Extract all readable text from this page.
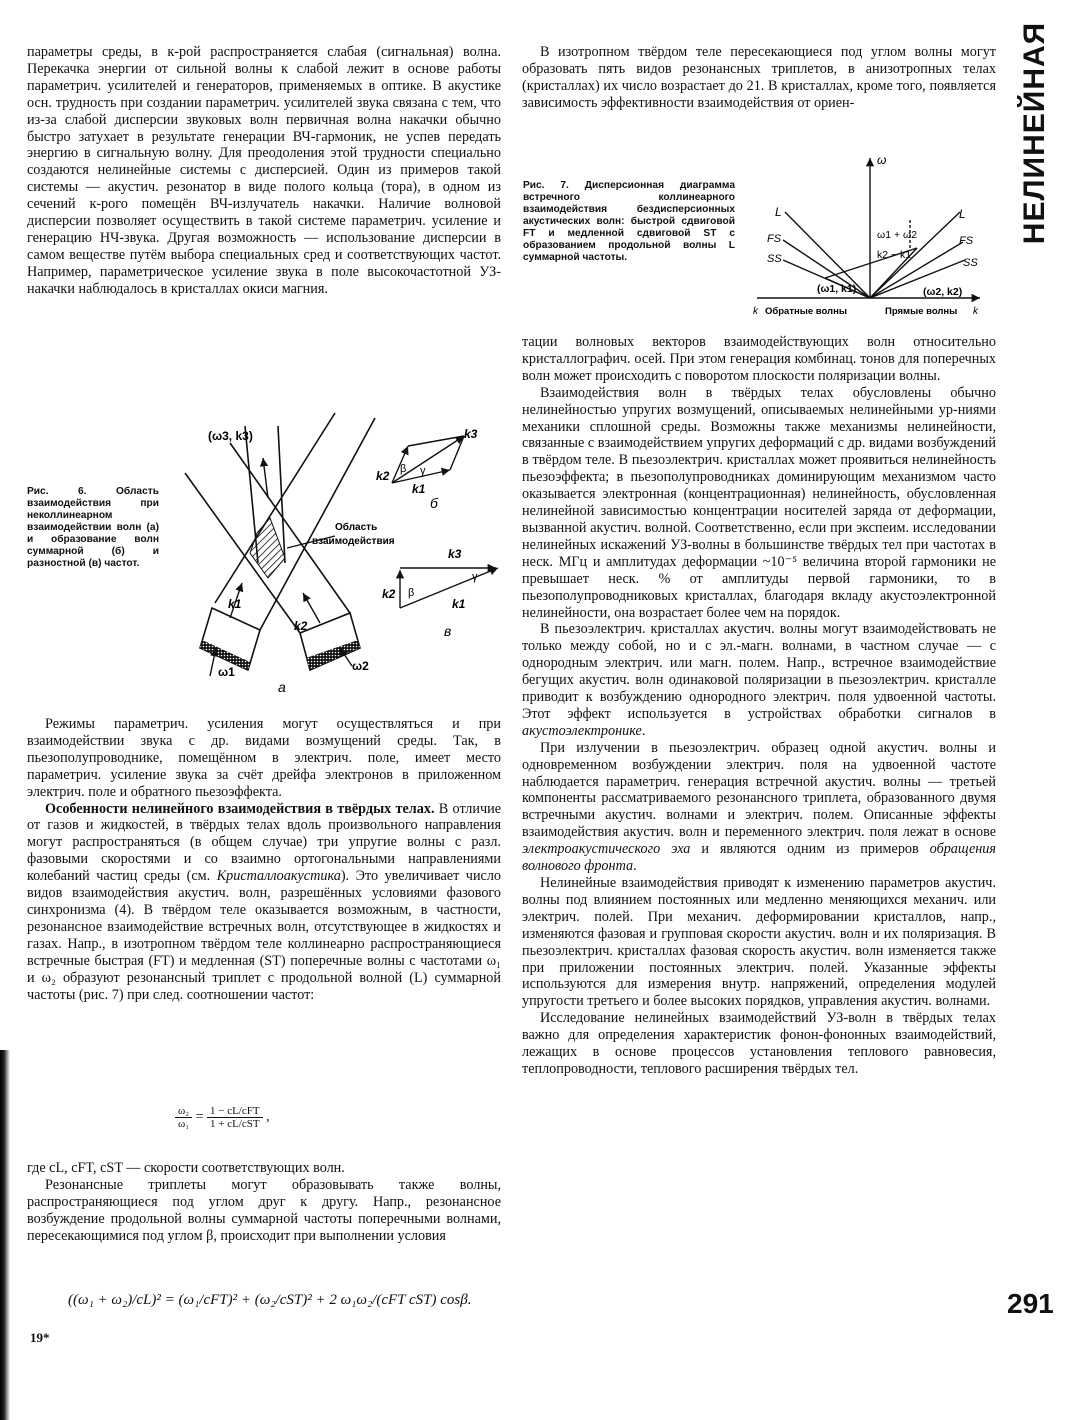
НЕЛИНЕЙНАЯ

параметры среды, в к-рой распространяется слабая (сигнальная) волна. Перекачка энергии от сильной волны к слабой лежит в основе работы параметрич. усилителей и генераторов, применяемых в оптике. В акустике осн. трудность при создании параметрич. усилителей звука связана с тем, что из-за слабой дисперсии звуковых волн первичная волна накачки обычно быстро затухает в результате генерации ВЧ-гармоник, не успев передать энергию в сигнальную волну. Для преодоления этой трудности специально создаются нелинейные системы с дисперсией. Один из примеров такой системы — акустич. резонатор в виде полого кольца (тора), в одном из сечений к-рого помещён ВЧ-излучатель накачки. Наличие волновой дисперсии позволяет осуществить в такой системе параметрич. усиление и генерацию НЧ-звука. Другая возможность — использование дисперсии в самом веществе путём выбора специальных сред и соответствующих частот. Например, параметрическое усиление звука в поле высокочастотной УЗ-накачки наблюдалось в кристаллах окиси магния.

Рис. 6. Область взаимодействия при неколлинеарном взаимодействии волн (а) и образование волн суммарной (б) и разностной (в) частот.
(ω3, k3)
Область
взаимодействия
k1
k2
ω1	ω2
а
k3
k2
k1
β γ
б
k3
k2
k1
β
γ
в

Режимы параметрич. усиления могут осуществляться и при взаимодействии звука с др. видами возмущений среды. Так, в пьезополупроводнике, помещённом в электрич. поле, имеет место параметрич. усиление звука за счёт дрейфа электронов в приложенном электрич. поле и обратного пьезоэффекта.

Особенности нелинейного взаимодействия в твёрдых телах. В отличие от газов и жидкостей, в твёрдых телах вдоль произвольного направления могут распространяться (в общем случае) три упругие волны с разл. фазовыми скоростями и со взаимно ортогональными направлениями колебаний частиц среды (см. Кристаллоакустика). Это увеличивает число видов взаимодействия акустич. волн, разрешённых условиями фазового синхронизма (4). В твёрдом теле оказывается возможным, в частности, резонансное взаимодействие встречных волн, отсутствующее в жидкостях и газах. Напр., в изотропном твёрдом теле коллинеарно распространяющиеся встречные быстрая (FT) и медленная (ST) поперечные волны с частотами ω₁ и ω₂ образуют резонансный триплет с продольной волной (L) суммарной частоты (рис. 7) при след. соотношении частот:

$\frac{\text{ω₂}}{\text{ω₁}} = \frac{\text{1 − cL/cFT}}{\text{1 + cL/cST}}$ ,

где cL, cFT, cST — скорости соответствующих волн.

Резонансные триплеты могут образовывать также волны, распространяющиеся под углом друг к другу. Напр., резонансное возбуждение продольной волны суммарной частоты поперечными волнами, пересекающимися под углом β, происходит при выполнении условия

((ω₁ + ω₂)/cL)² = (ω₁/cFT)² + (ω₂/cST)² + 2 ω₁ω₂/(cFT cST) cosβ.
19*

В изотропном твёрдом теле пересекающиеся под углом волны могут образовать пять видов резонансных триплетов, в анизотропных телах (кристаллах) их число возрастает до 21. В кристаллах, кроме того, появляется зависимость эффективности взаимодействия от ориен-

Рис. 7. Дисперсионная диаграмма встречного коллинеарного взаимодействия бездисперсионных акустических волн: быстрой сдвиговой FT и медленной сдвиговой ST с образованием продольной волны L суммарной частоты.
ω
L	L
FS	FS
SS	SS
ω1 + ω2
k2 − k1
(ω1, k1)	(ω2, k2)
k Обратные волны	Прямые волны k

тации волновых векторов взаимодействующих волн относительно кристаллографич. осей. При этом генерация комбинац. тонов для поперечных волн может происходить с поворотом плоскости поляризации волны.

Взаимодействия волн в твёрдых телах обусловлены обычно нелинейностью упругих возмущений, описываемых нелинейными ур-ниями механики сплошной среды. Возможны также механизмы нелинейности, связанные с взаимодействием упругих деформаций с др. видами возбуждений в твёрдом теле. В пьезоэлектрич. кристаллах может проявиться нелинейность пьезоэффекта; в пьезополупроводниках доминирующим механизмом часто оказывается электронная (концентрационная) нелинейность, обусловленная нелинейной зависимостью концентрации носителей заряда от деформации, вызванной акустич. волной. Соответственно, если при экспеим. исследовании нелинейных искажений УЗ-волны в большинстве твёрдых тел при частотах в неск. МГц и амплитудах деформации ~10⁻⁵ величина второй гармоники не превышает неск. % от амплитуды первой гармоники, то в пьезополупроводниковых кристаллах, благодаря вкладу акустоэлектронной нелинейности, она возрастает более чем на порядок.

В пьезоэлектрич. кристаллах акустич. волны могут взаимодействовать не только между собой, но и с эл.-магн. волнами, в частном случае — с однородным электрич. или магн. полем. Напр., встречное взаимодействие бегущих акустич. волн одинаковой поляризации в пьезоэлектрич. кристалле приводит к возбуждению однородного электрич. поля удвоенной частоты. Этот эффект используется в устройствах обработки сигналов в акустоэлектронике.

При излучении в пьезоэлектрич. образец одной акустич. волны и одновременном возбуждении электрич. поля на удвоенной частоте наблюдается параметрич. генерация встречной акустич. волны — третьей компоненты рассматриваемого резонансного триплета, образованного двумя встречными акустич. волнами и электрич. полем. Описанные эффекты взаимодействия акустич. волн и переменного электрич. поля лежат в основе электроакустического эха и являются одним из примеров обращения волнового фронта.

Нелинейные взаимодействия приводят к изменению параметров акустич. волны под влиянием постоянных или медленно меняющихся механич. или электрич. полей. При механич. деформировании кристаллов, напр., изменяются фазовая и групповая скорости акустич. волн и их поляризация. В пьезоэлектрич. кристаллах фазовая скорость акустич. волн изменяется также при приложении постоянных электрич. полей. Указанные эффекты используются для измерения внутр. напряжений, определения модулей упругости третьего и более высоких порядков, управления акустич. волнами.

Исследование нелинейных взаимодействий УЗ-волн в твёрдых телах важно для определения характеристик фонон-фононных взаимодействий, лежащих в основе процессов установления теплового равновесия, теплопроводности, теплового расширения твёрдых тел.

291
